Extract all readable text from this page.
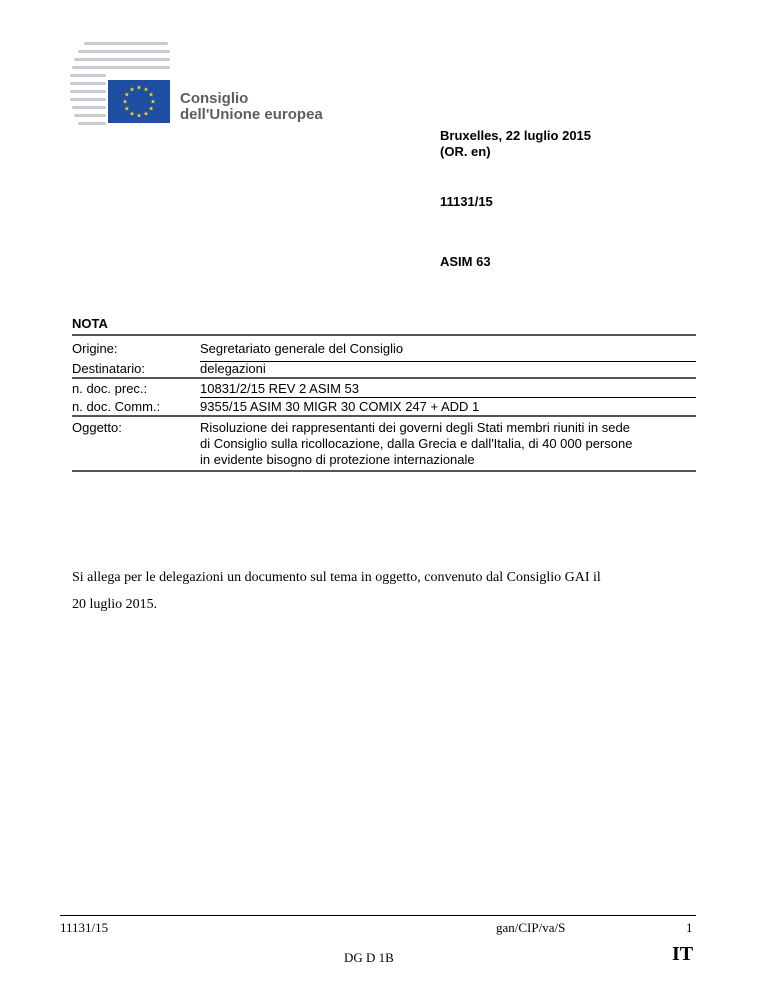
Consiglio
dell'Unione europea
Bruxelles, 22 luglio 2015
(OR. en)
11131/15
ASIM 63
NOTA
Origine:	Segretariato generale del Consiglio
Destinatario:	delegazioni
n. doc. prec.:	10831/2/15 REV 2 ASIM 53
n. doc. Comm.:	9355/15 ASIM 30 MIGR 30 COMIX 247 + ADD 1
Oggetto:	Risoluzione dei rappresentanti dei governi degli Stati membri riuniti in sede
di Consiglio sulla ricollocazione, dalla Grecia e dall'Italia, di 40 000 persone
in evidente bisogno di protezione internazionale
Si allega per le delegazioni un documento sul tema in oggetto, convenuto dal Consiglio GAI il
20 luglio 2015.
11131/15	gan/CIP/va/S	1
DG D 1B	IT
